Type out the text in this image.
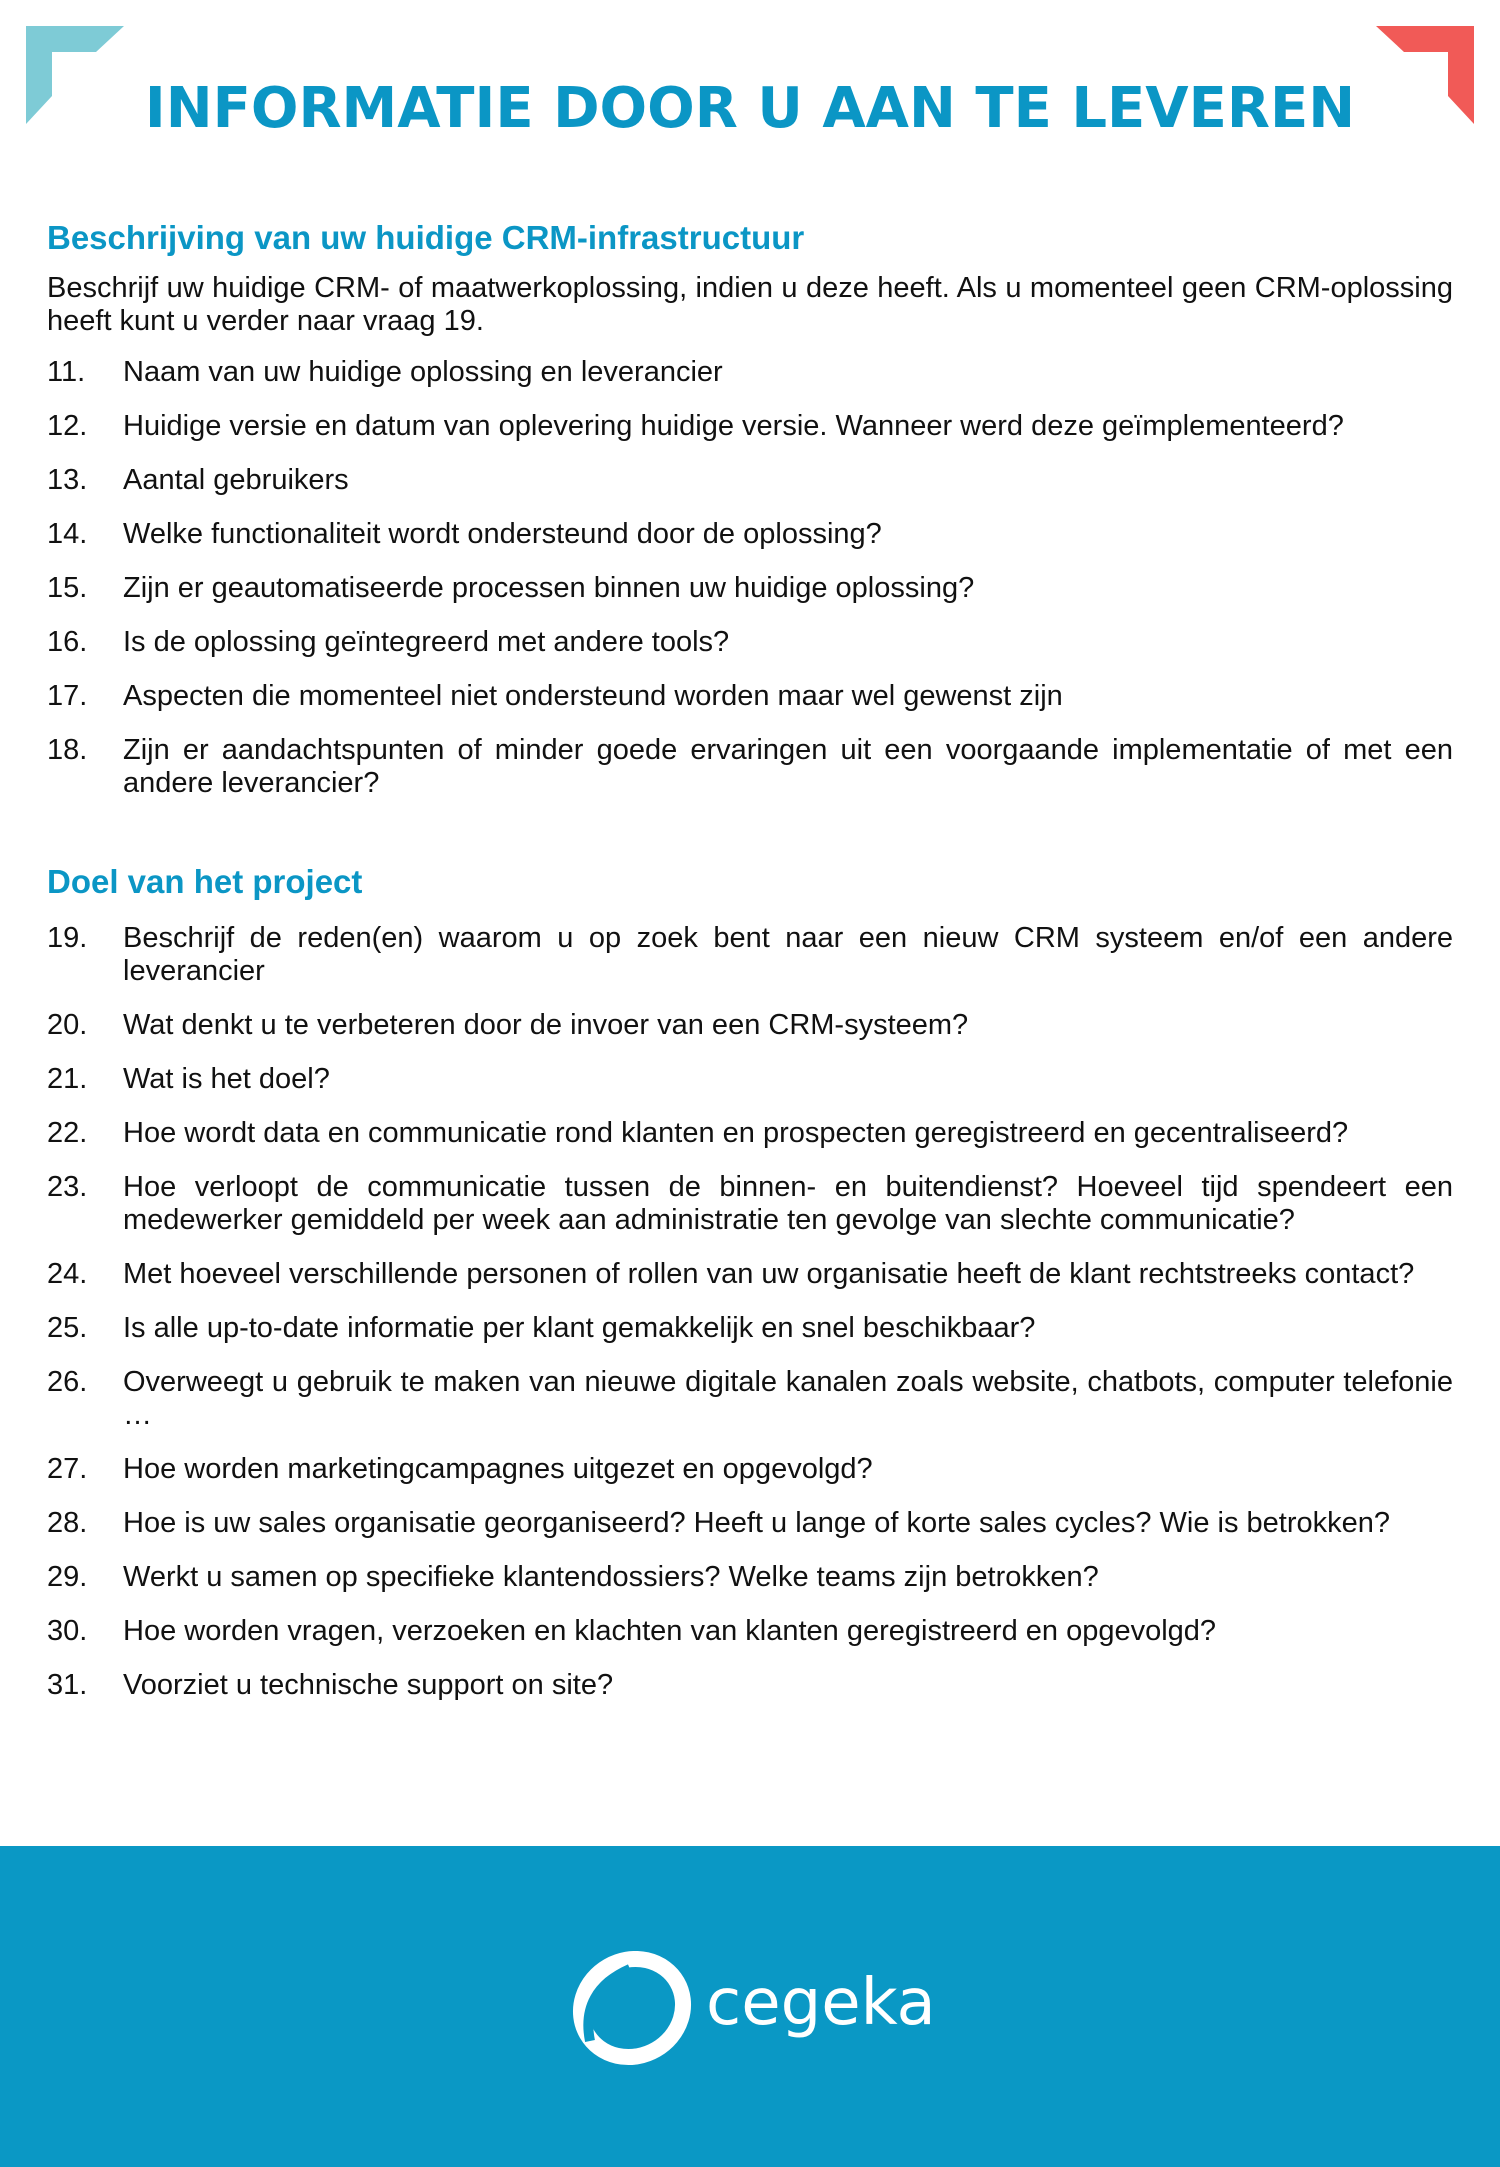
INFORMATIE DOOR U AAN TE LEVEREN
Beschrijving van uw huidige CRM-infrastructuur

Beschrijf uw huidige CRM- of maatwerkoplossing, indien u deze heeft. Als u momenteel geen CRM-oplossing heeft kunt u verder naar vraag 19.

11.	Naam van uw huidige oplossing en leverancier
12.	Huidige versie en datum van oplevering huidige versie. Wanneer werd deze geïmplementeerd?
13.	Aantal gebruikers
14.	Welke functionaliteit wordt ondersteund door de oplossing?
15.	Zijn er geautomatiseerde processen binnen uw huidige oplossing?
16.	Is de oplossing geïntegreerd met andere tools?
17.	Aspecten die momenteel niet ondersteund worden maar wel gewenst zijn
18.	Zijn er aandachtspunten of minder goede ervaringen uit een voorgaande implementatie of met een andere leverancier?
Doel van het project
19.	Beschrijf de reden(en) waarom u op zoek bent naar een nieuw CRM systeem en/of een andere leverancier
20.	Wat denkt u te verbeteren door de invoer van een CRM-systeem?
21.	Wat is het doel?
22.	Hoe wordt data en communicatie rond klanten en prospecten geregistreerd en gecentraliseerd?
23.	Hoe verloopt de communicatie tussen de binnen- en buitendienst? Hoeveel tijd spendeert een medewerker gemiddeld per week aan administratie ten gevolge van slechte communicatie?
24.	Met hoeveel verschillende personen of rollen van uw organisatie heeft de klant rechtstreeks contact?
25.	Is alle up-to-date informatie per klant gemakkelijk en snel beschikbaar?
26.	Overweegt u gebruik te maken van nieuwe digitale kanalen zoals website, chatbots, computer telefonie …
27.	Hoe worden marketingcampagnes uitgezet en opgevolgd?
28.	Hoe is uw sales organisatie georganiseerd? Heeft u lange of korte sales cycles? Wie is betrokken?
29.	Werkt u samen op specifieke klantendossiers? Welke teams zijn betrokken?
30.	Hoe worden vragen, verzoeken en klachten van klanten geregistreerd en opgevolgd?
31.	Voorziet u technische support on site?
cegeka
